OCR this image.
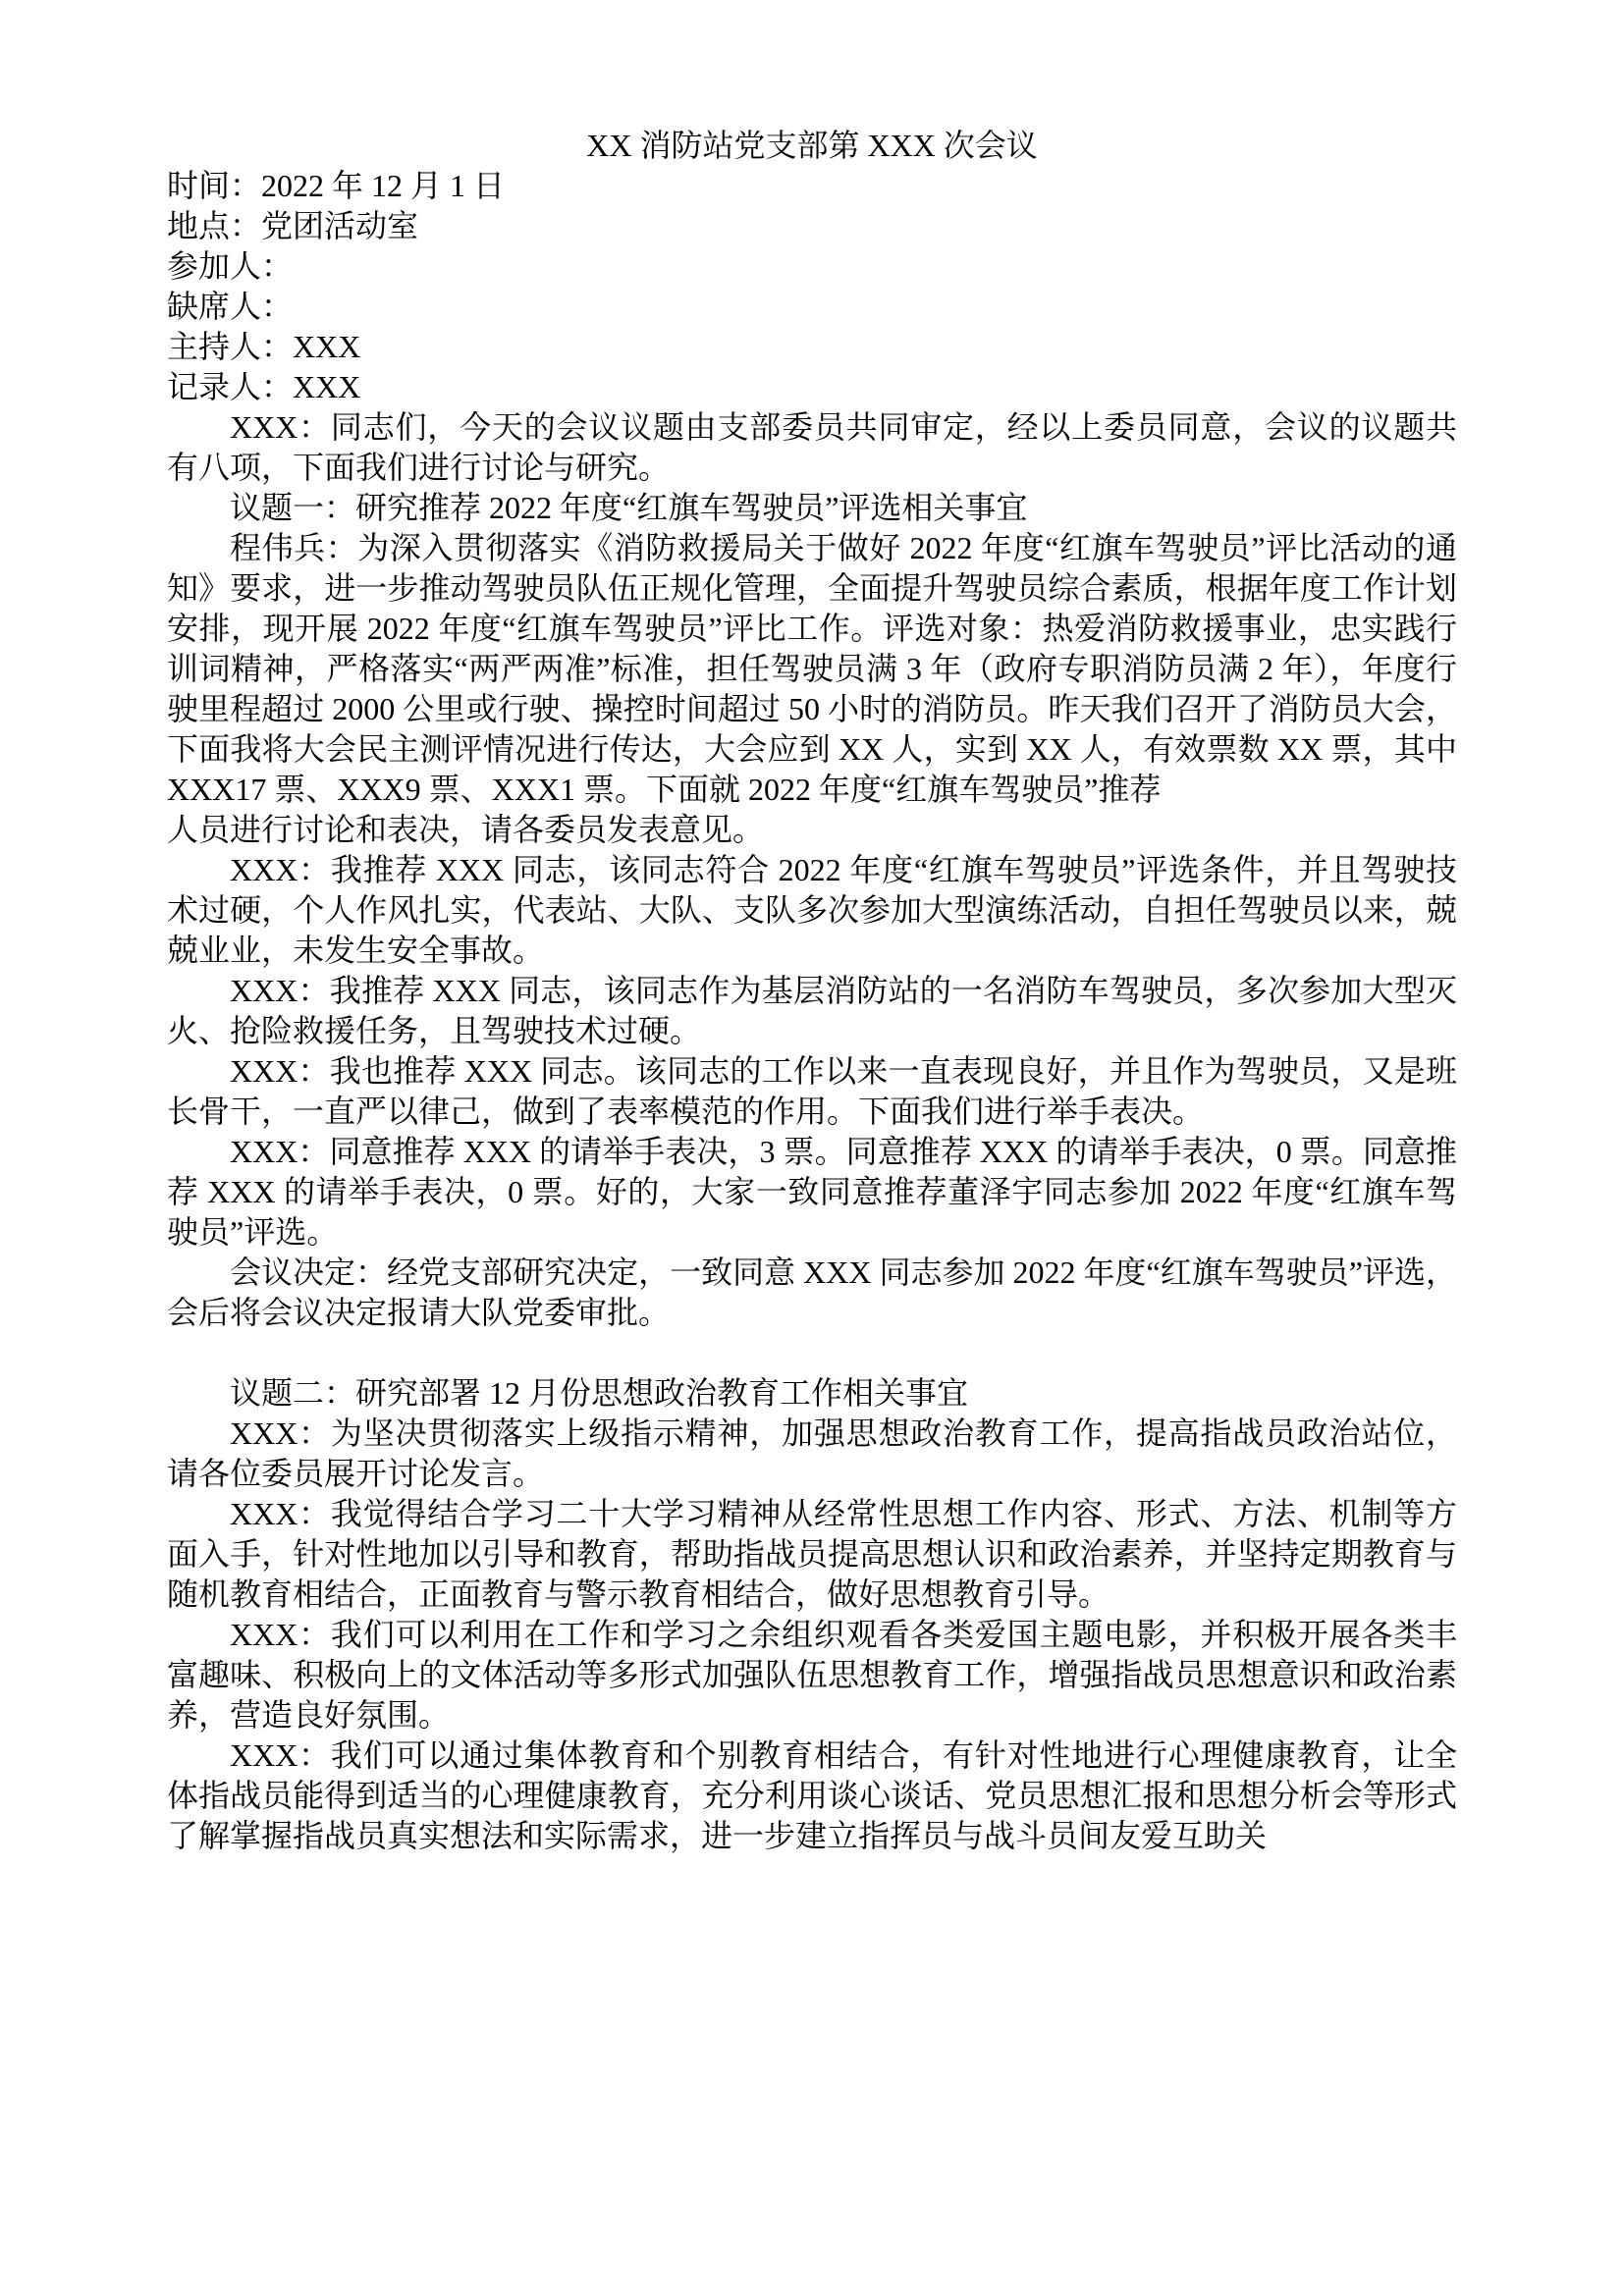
XX 消防站党支部第 XXX 次会议

时间：2022 年 12 月 1 日

地点：党团活动室

参加人：

缺席人：

主持人：XXX

记录人：XXX

XXX：同志们，今天的会议议题由支部委员共同审定，经以上委员同意，会议的议题共有八项，下面我们进行讨论与研究。

议题一：研究推荐 2022 年度“红旗车驾驶员”评选相关事宜

程伟兵：为深入贯彻落实《消防救援局关于做好 2022 年度“红旗车驾驶员”评比活动的通知》要求，进一步推动驾驶员队伍正规化管理，全面提升驾驶员综合素质，根据年度工作计划安排，现开展 2022 年度“红旗车驾驶员”评比工作。评选对象：热爱消防救援事业，忠实践行训词精神，严格落实“两严两准”标准，担任驾驶员满 3 年（政府专职消防员满 2 年），年度行驶里程超过 2000 公里或行驶、操控时间超过 50 小时的消防员。昨天我们召开了消防员大会，下面我将大会民主测评情况进行传达，大会应到 XX 人，实到 XX 人，有效票数 XX 票，其中 XXX17 票、XXX9 票、XXX1 票。下面就 2022 年度“红旗车驾驶员”推荐

人员进行讨论和表决，请各委员发表意见。

XXX：我推荐 XXX 同志，该同志符合 2022 年度“红旗车驾驶员”评选条件，并且驾驶技术过硬，个人作风扎实，代表站、大队、支队多次参加大型演练活动，自担任驾驶员以来，兢兢业业，未发生安全事故。

XXX：我推荐 XXX 同志，该同志作为基层消防站的一名消防车驾驶员，多次参加大型灭火、抢险救援任务，且驾驶技术过硬。

XXX：我也推荐 XXX 同志。该同志的工作以来一直表现良好，并且作为驾驶员，又是班长骨干，一直严以律己，做到了表率模范的作用。下面我们进行举手表决。

XXX：同意推荐 XXX 的请举手表决，3 票。同意推荐 XXX 的请举手表决，0 票。同意推荐 XXX 的请举手表决，0 票。好的，大家一致同意推荐董泽宇同志参加 2022 年度“红旗车驾驶员”评选。

会议决定：经党支部研究决定，一致同意 XXX 同志参加 2022 年度“红旗车驾驶员”评选，会后将会议决定报请大队党委审批。

议题二：研究部署 12 月份思想政治教育工作相关事宜

XXX：为坚决贯彻落实上级指示精神，加强思想政治教育工作，提高指战员政治站位，请各位委员展开讨论发言。

XXX：我觉得结合学习二十大学习精神从经常性思想工作内容、形式、方法、机制等方面入手，针对性地加以引导和教育，帮助指战员提高思想认识和政治素养，并坚持定期教育与随机教育相结合，正面教育与警示教育相结合，做好思想教育引导。

XXX：我们可以利用在工作和学习之余组织观看各类爱国主题电影，并积极开展各类丰富趣味、积极向上的文体活动等多形式加强队伍思想教育工作，增强指战员思想意识和政治素养，营造良好氛围。

XXX：我们可以通过集体教育和个别教育相结合，有针对性地进行心理健康教育，让全体指战员能得到适当的心理健康教育，充分利用谈心谈话、党员思想汇报和思想分析会等形式了解掌握指战员真实想法和实际需求，进一步建立指挥员与战斗员间友爱互助关
